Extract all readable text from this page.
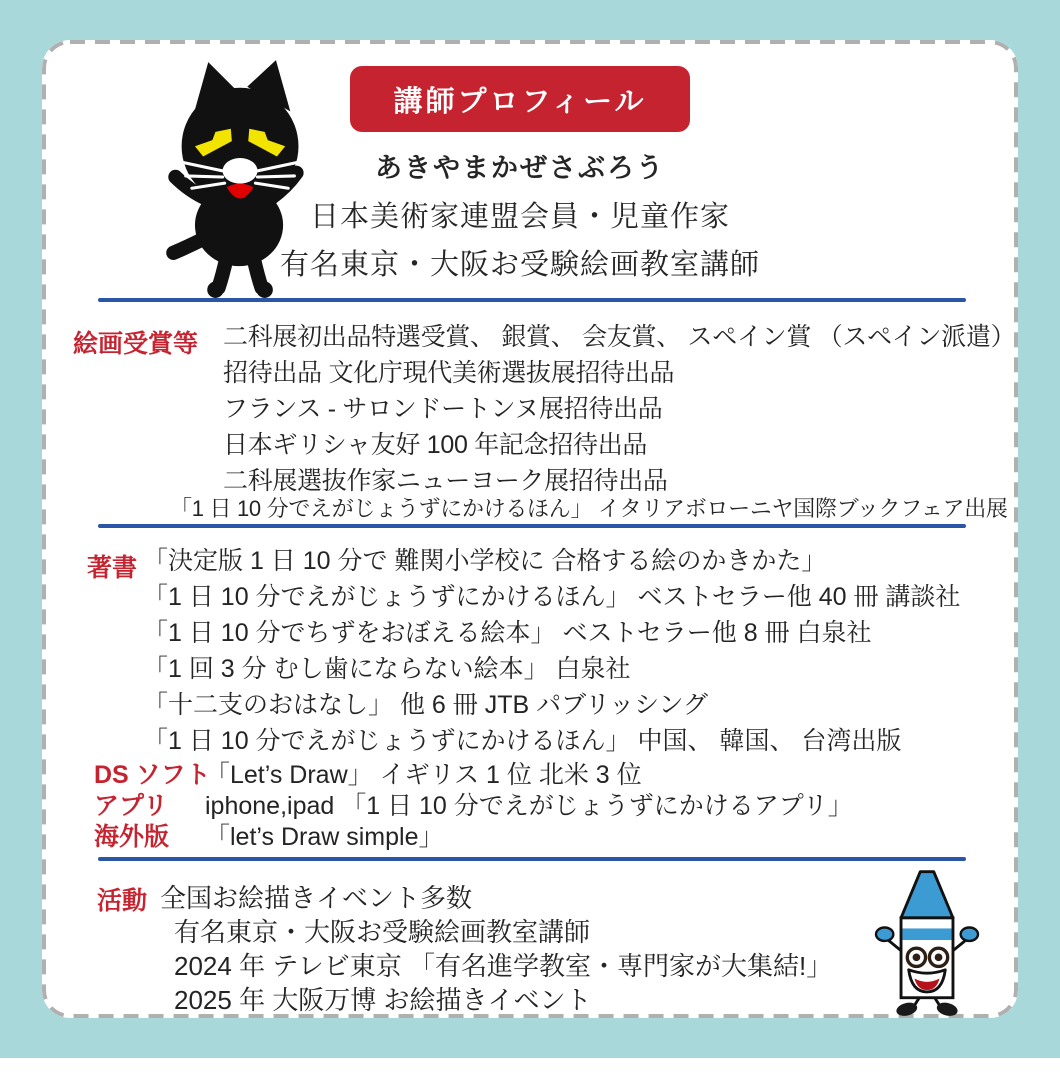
講師プロフィール
あきやまかぜさぶろう
日本美術家連盟会員・児童作家
有名東京・大阪お受験絵画教室講師
絵画受賞等 二科展初出品特選受賞、 銀賞、 会友賞、 スペイン賞 （スペイン派遣）
招待出品 文化庁現代美術選抜展招待出品
フランス - サロンドートンヌ展招待出品
日本ギリシャ友好 100 年記念招待出品
二科展選抜作家ニューヨーク展招待出品
「1 日 10 分でえがじょうずにかけるほん」 イタリアボローニヤ国際ブックフェア出展
著書 「決定版 1 日 10 分で 難関小学校に 合格する絵のかきかた」
「1 日 10 分でえがじょうずにかけるほん」 ベストセラー他 40 冊 講談社
「1 日 10 分でちずをおぼえる絵本」 ベストセラー他 8 冊 白泉社
「1 回 3 分 むし歯にならない絵本」 白泉社
「十二支のおはなし」 他 6 冊 JTB パブリッシング
「1 日 10 分でえがじょうずにかけるほん」 中国、 韓国、 台湾出版
DS ソフト
「Let’s Draw」 イギリス 1 位 北米 3 位
アプリ	iphone,ipad 「1 日 10 分でえがじょうずにかけるアプリ」
海外版	「let’s Draw simple」
活動 全国お絵描きイベント多数
有名東京・大阪お受験絵画教室講師
2024 年 テレビ東京 「有名進学教室・専門家が大集結!」
2025 年 大阪万博 お絵描きイベント
